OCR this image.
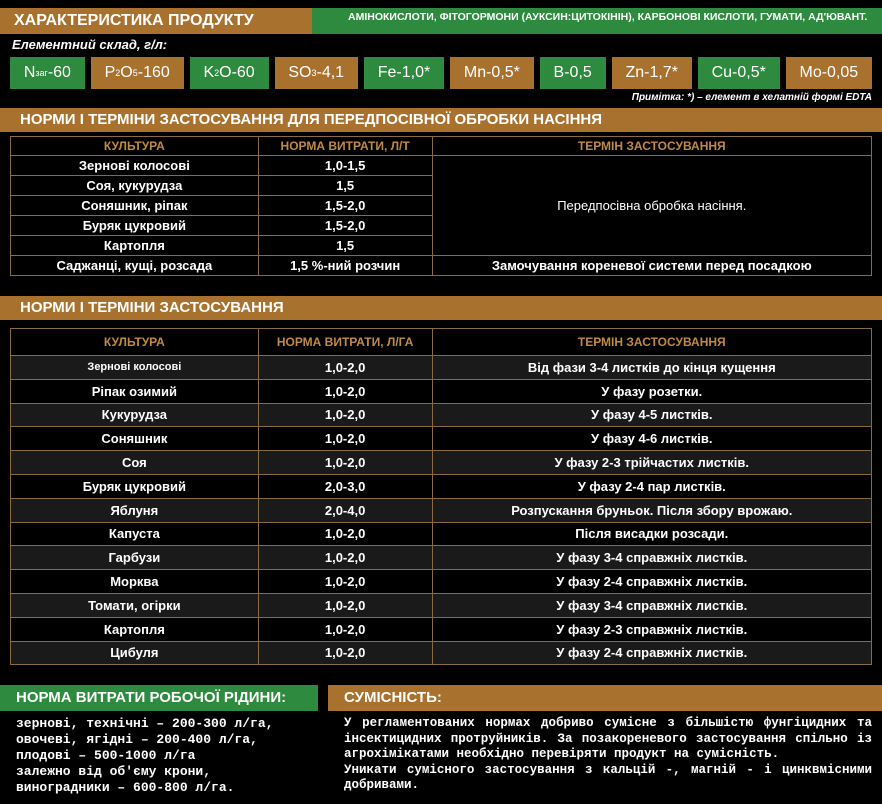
ХАРАКТЕРИСТИКА ПРОДУКТУ	АМІНОКИСЛОТИ, ФІТОГОРМОНИ (АУКСИН:ЦИТОКІНІН), КАРБОНОВІ КИСЛОТИ, ГУМАТИ, АД'ЮВАНТ.
Елементний склад, г/л:
N заг -60 P 2 O 5 -160 K 2 O-60 SO 3 -4,1 Fe-1,0* Mn-0,5* B-0,5 Zn-1,7* Cu-0,5* Mo-0,05
Примітка: *) – елемент в хелатній формі EDTA
НОРМИ І ТЕРМІНИ ЗАСТОСУВАННЯ ДЛЯ ПЕРЕДПОСІВНОЇ ОБРОБКИ НАСІННЯ
КУЛЬТУРА	НОРМА ВИТРАТИ, Л/Т	ТЕРМІН ЗАСТОСУВАННЯ
Зернові колосові	1,0-1,5	Передпосівна обробка насіння.
Соя, кукурудза	1,5	
Соняшник, ріпак	1,5-2,0	
Буряк цукровий	1,5-2,0	
Картопля	1,5	
Саджанці, кущі, розсада	1,5 %-ний розчин	Замочування кореневої системи перед посадкою
НОРМИ І ТЕРМІНИ ЗАСТОСУВАННЯ
КУЛЬТУРА	НОРМА ВИТРАТИ, Л/ГА	ТЕРМІН ЗАСТОСУВАННЯ
Зернові колосові	1,0-2,0	Від фази 3-4 листків до кінця кущення
Ріпак озимий	1,0-2,0	У фазу розетки.
Кукурудза	1,0-2,0	У фазу 4-5 листків.
Соняшник	1,0-2,0	У фазу 4-6 листків.
Соя	1,0-2,0	У фазу 2-3 трійчастих листків.
Буряк цукровий	2,0-3,0	У фазу 2-4 пар листків.
Яблуня	2,0-4,0	Розпускання бруньок. Після збору врожаю.
Капуста	1,0-2,0	Після висадки розсади.
Гарбузи	1,0-2,0	У фазу 3-4 справжніх листків.
Морква	1,0-2,0	У фазу 2-4 справжніх листків.
Томати, огірки	1,0-2,0	У фазу 3-4 справжніх листків.
Картопля	1,0-2,0	У фазу 2-3 справжніх листків.
Цибуля	1,0-2,0	У фазу 2-4 справжніх листків.
НОРМА ВИТРАТИ РОБОЧОЇ РІДИНИ:	СУМІСНІСТЬ:
зернові, технічні – 200-300 л/га,
овочеві, ягідні – 200-400 л/га,
плодові – 500-1000 л/га
залежно від об'єму крони,
виноградники – 600-800 л/га.
У регламентованих нормах добриво сумісне з більшістю фунгіцидних та інсектицидних протруйників. За позакореневого застосування спільно із агрохімікатами необхідно перевіряти продукт на сумісність.
Уникати сумісного застосування з кальцій -, магній - і цинквмісними добривами.
